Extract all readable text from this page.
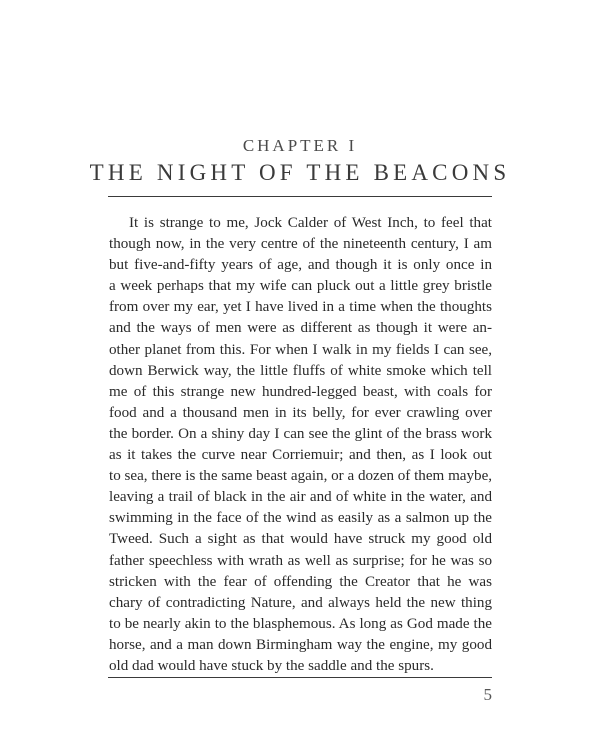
CHAPTER I
THE NIGHT OF THE BEACONS
It is strange to me, Jock Calder of West Inch, to feel that
though now, in the very centre of the nineteenth century, I am
but five-and-fifty years of age, and though it is only once in
a week perhaps that my wife can pluck out a little grey bristle
from over my ear, yet I have lived in a time when the thoughts
and the ways of men were as different as though it were an-
other planet from this. For when I walk in my fields I can see,
down Berwick way, the little fluffs of white smoke which tell
me of this strange new hundred-legged beast, with coals for
food and a thousand men in its belly, for ever crawling over
the border. On a shiny day I can see the glint of the brass work
as it takes the curve near Corriemuir; and then, as I look out
to sea, there is the same beast again, or a dozen of them maybe,
leaving a trail of black in the air and of white in the water, and
swimming in the face of the wind as easily as a salmon up the
Tweed. Such a sight as that would have struck my good old
father speechless with wrath as well as surprise; for he was so
stricken with the fear of offending the Creator that he was
chary of contradicting Nature, and always held the new thing
to be nearly akin to the blasphemous. As long as God made the
horse, and a man down Birmingham way the engine, my good
old dad would have stuck by the saddle and the spurs.
5
